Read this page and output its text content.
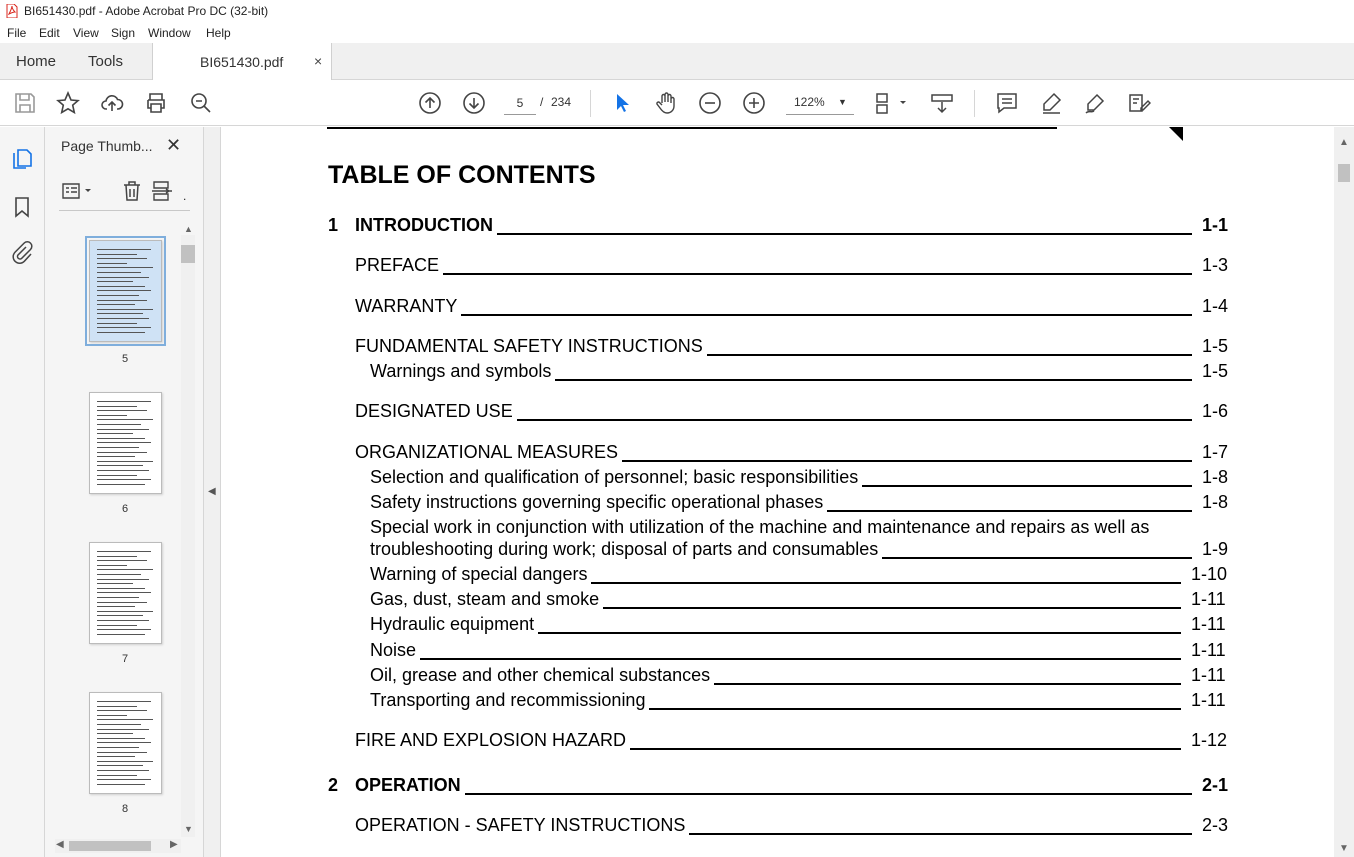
BI651430.pdf - Adobe Acrobat Pro DC (32-bit)
File Edit View Sign Window Help
Home Tools	BI651430.pdf ×
5
/ 234	122% ▼
Page Thumb... ✕
.
5
6
7
8
▲
▼
◀	▶
◀
TABLE OF CONTENTS
1 INTRODUCTION	1-1
PREFACE	1-3
WARRANTY	1-4
FUNDAMENTAL SAFETY INSTRUCTIONS	1-5
Warnings and symbols	1-5
DESIGNATED USE	1-6
ORGANIZATIONAL MEASURES	1-7
Selection and qualification of personnel; basic responsibilities	1-8
Safety instructions governing specific operational phases	1-8
Special work in conjunction with utilization of the machine and maintenance and repairs as well as
troubleshooting during work; disposal of parts and consumables	1-9
Warning of special dangers	1-10
Gas, dust, steam and smoke	1-11
Hydraulic equipment	1-11
Noise	1-11
Oil, grease and other chemical substances	1-11
Transporting and recommissioning	1-11
FIRE AND EXPLOSION HAZARD	1-12
2 OPERATION	2-1
OPERATION - SAFETY INSTRUCTIONS	2-3
▲
▼
